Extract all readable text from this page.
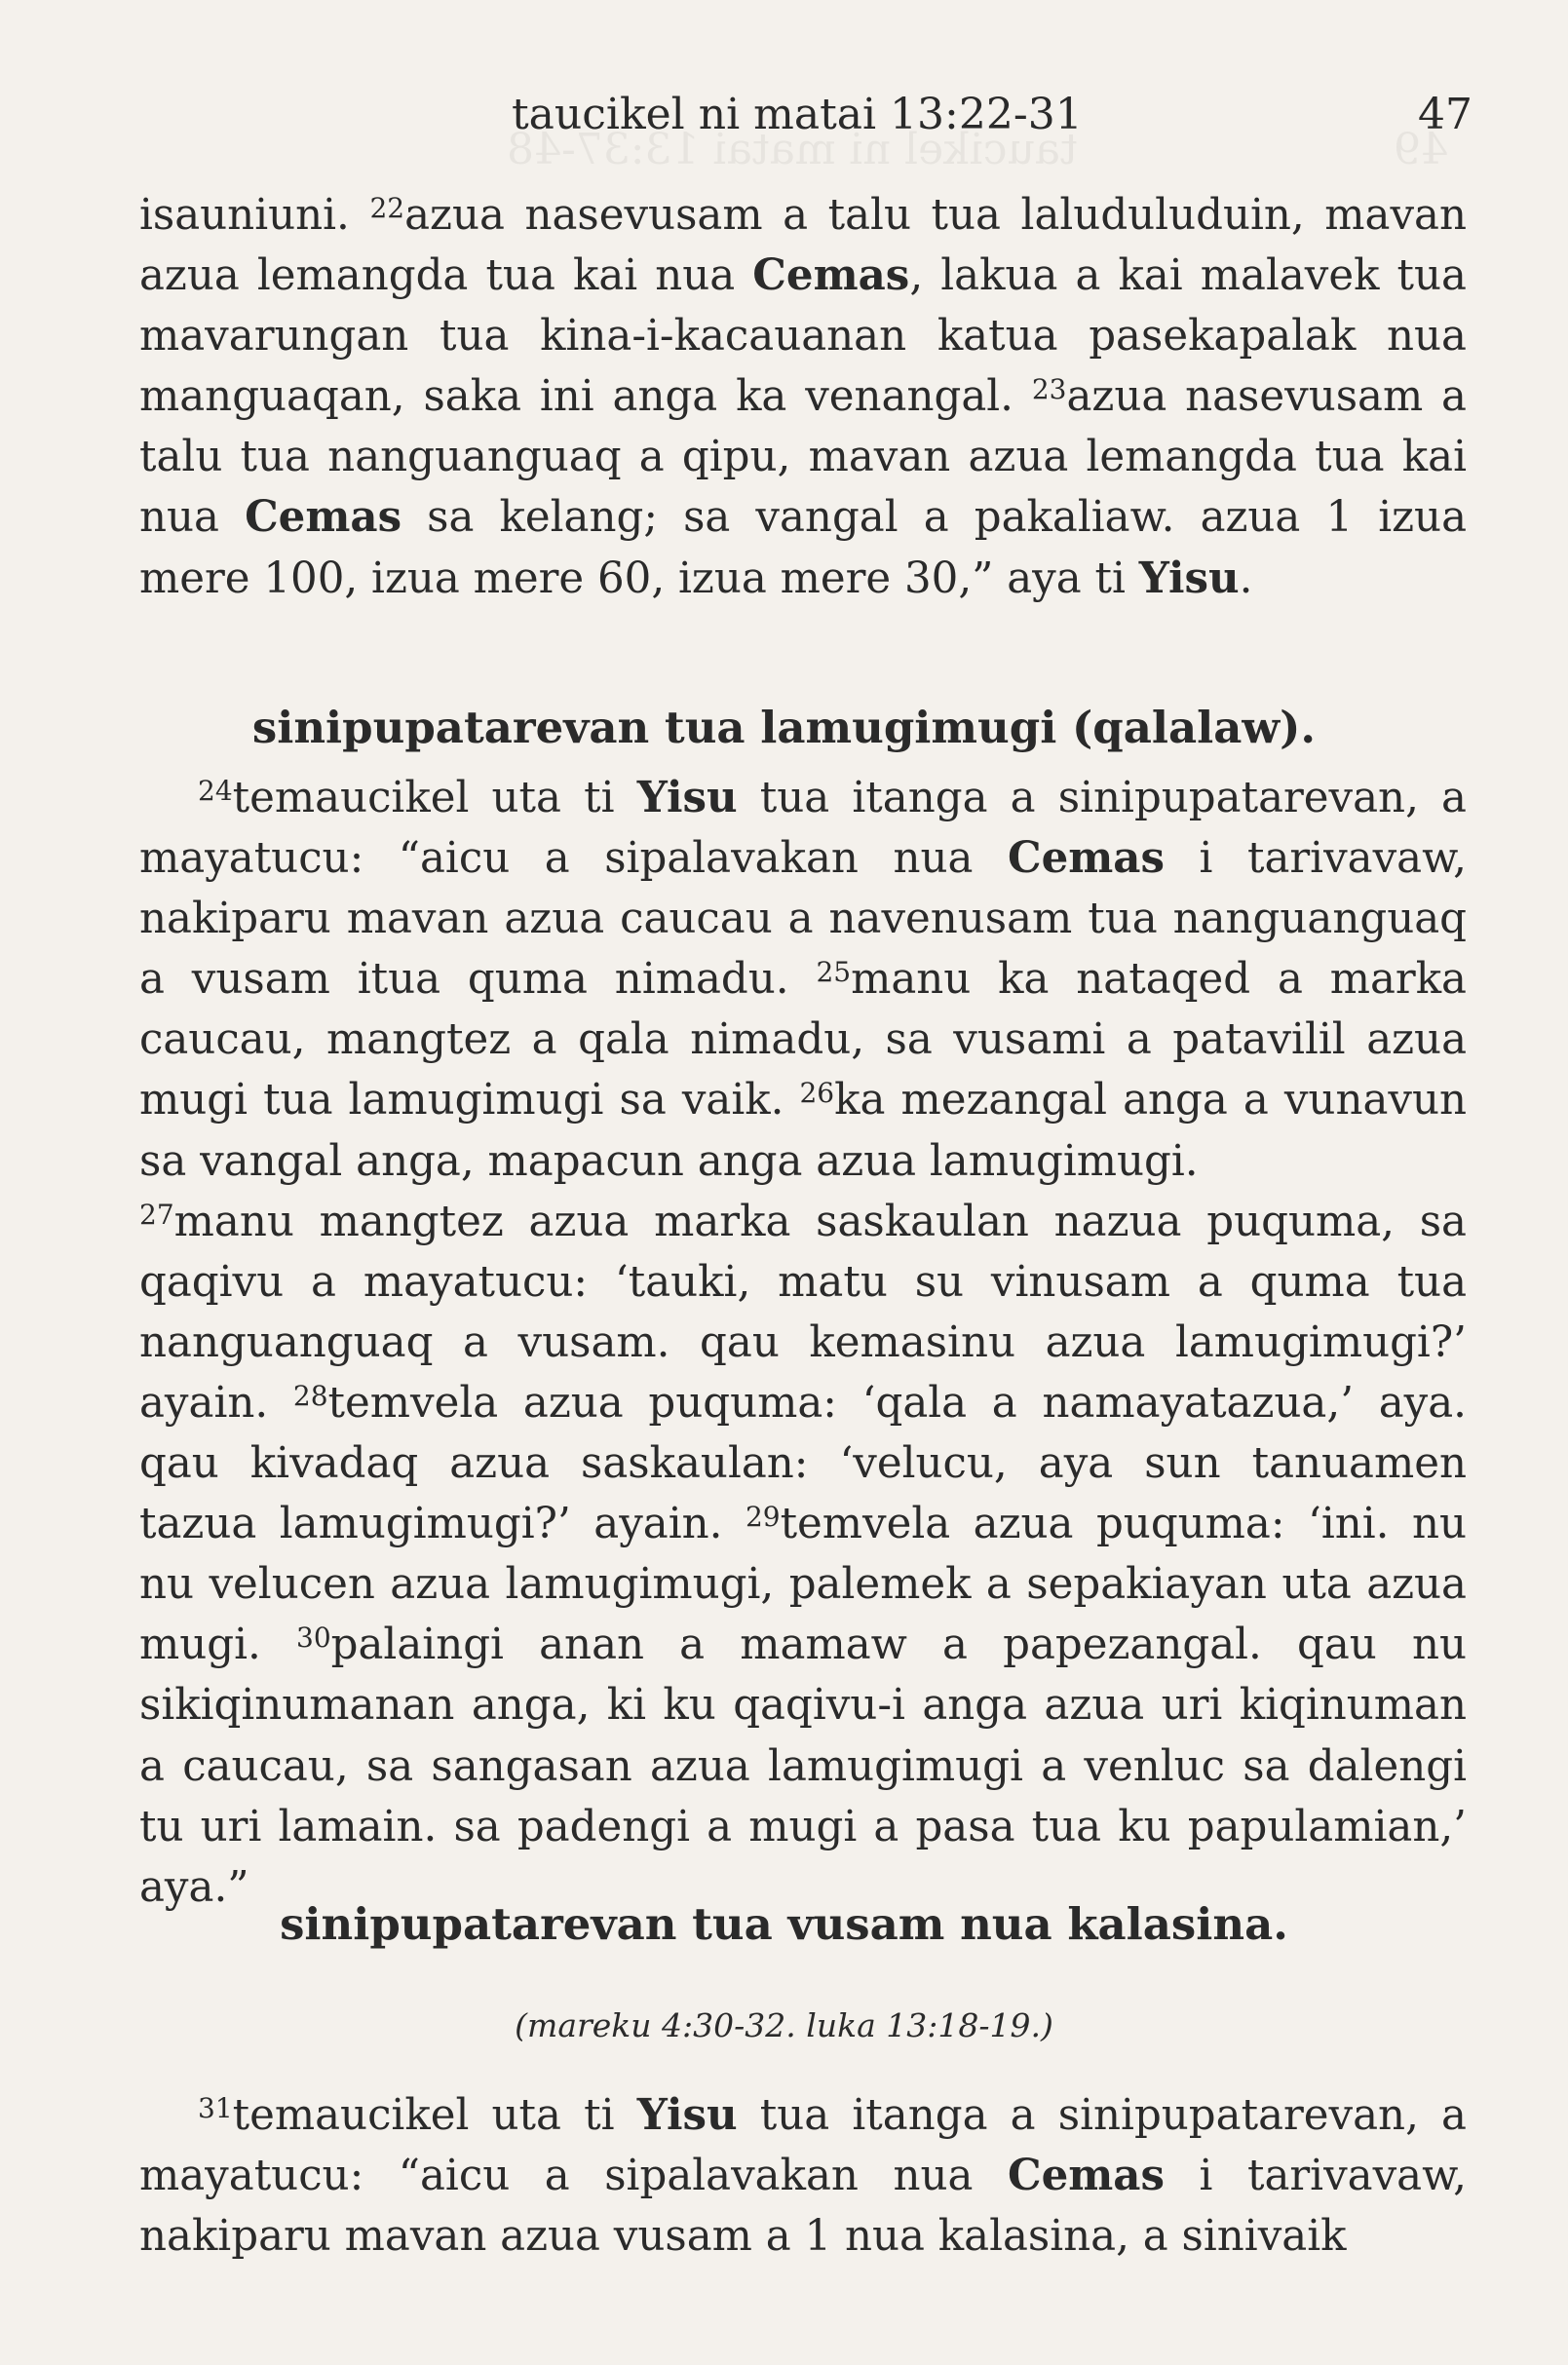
taucikel ni matai 13:37-48	49
taucikel ni matai 13:22-31	47
isauniuni. $^{22}$azua nasevusam a talu tua laluduluduin, mavan azua lemangda tua kai nua Cemas, lakua a kai malavek tua mavarungan tua kina-i-kacauanan katua pasekapalak nua manguaqan, saka ini anga ka venangal. $^{23}$azua nasevusam a talu tua nanguanguaq a qipu, mavan azua lemangda tua kai nua Cemas sa kelang; sa vangal a pakaliaw. azua 1 izua mere 100, izua mere 60, izua mere 30,” aya ti Yisu.
sinipupatarevan tua lamugimugi (qalalaw).
$^{24}$temaucikel uta ti Yisu tua itanga a sinipupatarevan, a mayatucu: “aicu a sipalavakan nua Cemas i tarivavaw, nakiparu mavan azua caucau a navenusam tua nanguanguaq a vusam itua quma nimadu. $^{25}$manu ka nataqed a marka caucau, mangtez a qala nimadu, sa vusami a patavilil azua mugi tua lamugimugi sa vaik. $^{26}$ka mezangal anga a vunavun sa vangal anga, mapacun anga azua lamugimugi.
$^{27}$manu mangtez azua marka saskaulan nazua puquma, sa qaqivu a mayatucu: ‘tauki, matu su vinusam a quma tua nanguanguaq a vusam. qau kemasinu azua lamugimugi?’ ayain. $^{28}$temvela azua puquma: ‘qala a namayatazua,’ aya. qau kivadaq azua saskaulan: ‘velucu, aya sun tanuamen tazua lamugimugi?’ ayain. $^{29}$temvela azua puquma: ‘ini. nu nu velucen azua lamugimugi, palemek a sepakiayan uta azua mugi. $^{30}$palaingi anan a mamaw a papezangal. qau nu sikiqinumanan anga, ki ku qaqivu-i anga azua uri kiqinuman a caucau, sa sangasan azua lamugimugi a venluc sa dalengi tu uri lamain. sa padengi a mugi a pasa tua ku papulamian,’ aya.”
sinipupatarevan tua vusam nua kalasina.
(mareku 4:30-32. luka 13:18-19.)
$^{31}$temaucikel uta ti Yisu tua itanga a sinipupatarevan, a mayatucu: “aicu a sipalavakan nua Cemas i tarivavaw, nakiparu mavan azua vusam a 1 nua kalasina, a sinivaik
